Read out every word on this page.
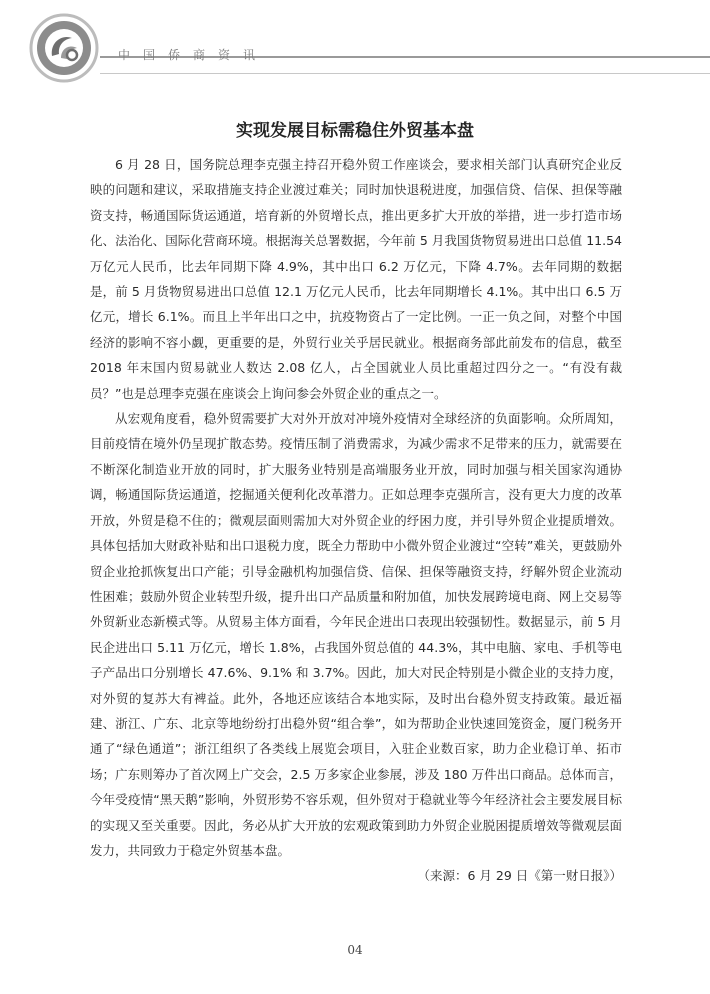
中国侨商资讯
实现发展目标需稳住外贸基本盘

6 月 28 日，国务院总理李克强主持召开稳外贸工作座谈会，要求相关部门认真研究企业反映的问题和建议，采取措施支持企业渡过难关；同时加快退税进度，加强信贷、信保、担保等融资支持，畅通国际货运通道，培育新的外贸增长点，推出更多扩大开放的举措，进一步打造市场化、法治化、国际化营商环境。根据海关总署数据，今年前 5 月我国货物贸易进出口总值 11.54 万亿元人民币，比去年同期下降 4.9%，其中出口 6.2 万亿元，下降 4.7%。去年同期的数据是，前 5 月货物贸易进出口总值 12.1 万亿元人民币，比去年同期增长 4.1%。其中出口 6.5 万亿元，增长 6.1%。而且上半年出口之中，抗疫物资占了一定比例。一正一负之间，对整个中国经济的影响不容小觑，更重要的是，外贸行业关乎居民就业。根据商务部此前发布的信息，截至 2018 年末国内贸易就业人数达 2.08 亿人，占全国就业人员比重超过四分之一。“有没有裁员？”也是总理李克强在座谈会上询问参会外贸企业的重点之一。

从宏观角度看，稳外贸需要扩大对外开放对冲境外疫情对全球经济的负面影响。众所周知，目前疫情在境外仍呈现扩散态势。疫情压制了消费需求，为减少需求不足带来的压力，就需要在不断深化制造业开放的同时，扩大服务业特别是高端服务业开放，同时加强与相关国家沟通协调，畅通国际货运通道，挖掘通关便利化改革潜力。正如总理李克强所言，没有更大力度的改革开放，外贸是稳不住的；微观层面则需加大对外贸企业的纾困力度，并引导外贸企业提质增效。具体包括加大财政补贴和出口退税力度，既全力帮助中小微外贸企业渡过“空转”难关，更鼓励外贸企业抢抓恢复出口产能；引导金融机构加强信贷、信保、担保等融资支持，纾解外贸企业流动性困难；鼓励外贸企业转型升级，提升出口产品质量和附加值，加快发展跨境电商、网上交易等外贸新业态新模式等。从贸易主体方面看，今年民企进出口表现出较强韧性。数据显示，前 5 月民企进出口 5.11 万亿元，增长 1.8%，占我国外贸总值的 44.3%，其中电脑、家电、手机等电子产品出口分别增长 47.6%、9.1% 和 3.7%。因此，加大对民企特别是小微企业的支持力度，对外贸的复苏大有裨益。此外，各地还应该结合本地实际，及时出台稳外贸支持政策。最近福建、浙江、广东、北京等地纷纷打出稳外贸“组合拳”，如为帮助企业快速回笼资金，厦门税务开通了“绿色通道”；浙江组织了各类线上展览会项目，入驻企业数百家，助力企业稳订单、拓市场；广东则筹办了首次网上广交会，2.5 万多家企业参展，涉及 180 万件出口商品。总体而言，今年受疫情“黑天鹅”影响，外贸形势不容乐观，但外贸对于稳就业等今年经济社会主要发展目标的实现又至关重要。因此，务必从扩大开放的宏观政策到助力外贸企业脱困提质增效等微观层面发力，共同致力于稳定外贸基本盘。

（来源：6 月 29 日《第一财日报》）
04
